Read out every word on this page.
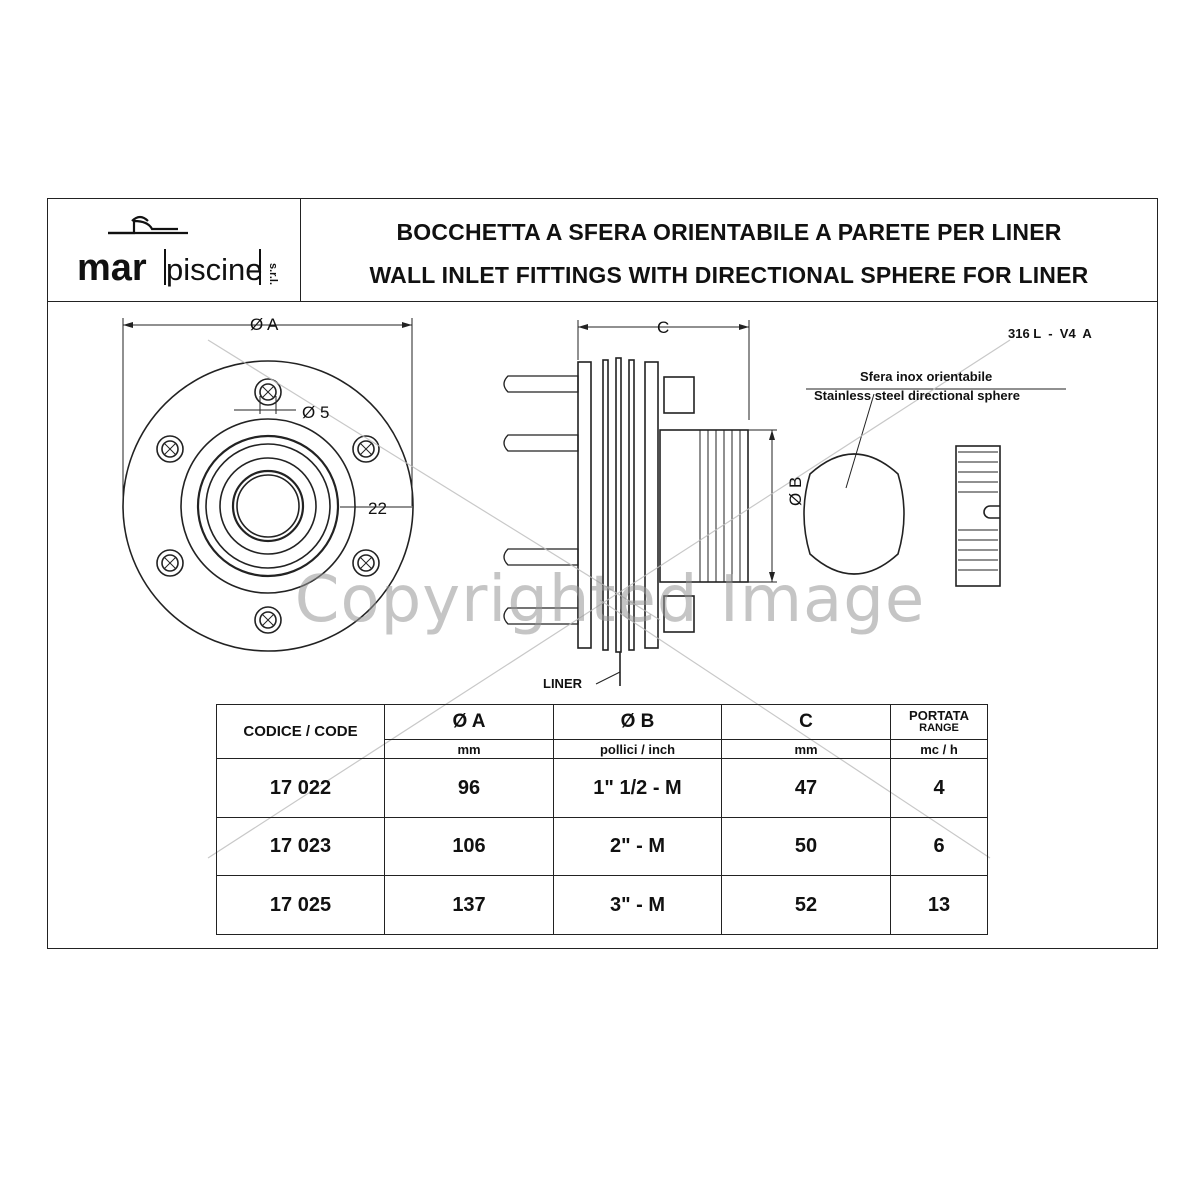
Ø A
Ø 5
22
C
Ø B
LINER
316 L  -  V4  A
Sfera inox orientabile
Stainless steel directional sphere
mar piscine s.r.l.
BOCCHETTA A SFERA ORIENTABILE A PARETE PER LINER
WALL INLET FITTINGS WITH DIRECTIONAL SPHERE FOR LINER
CODICE / CODE	Ø A	Ø B	C	PORTATA
RANGE

	mm	pollici / inch	mm	mc / h
17 022	96	1" 1/2 - M	47	4
17 023	106	2" - M	50	6
17 025	137	3" - M	52	13
Copyrighted Image
